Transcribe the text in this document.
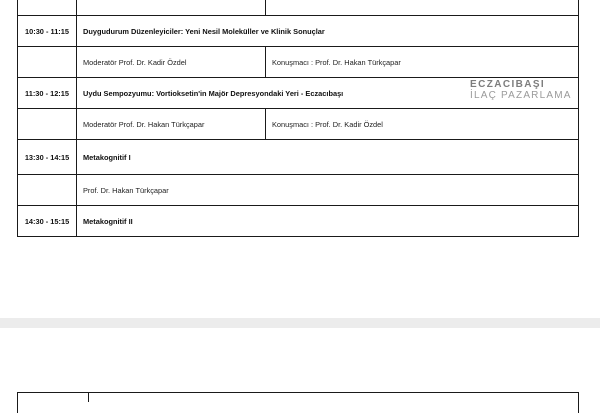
10:30 - 11:15	Duygudurum Düzenleyiciler: Yeni Nesil Moleküller ve Klinik Sonuçlar	
	Moderatör Prof. Dr. Kadir Özdel	Konuşmacı : Prof. Dr. Hakan Türkçapar
11:30 - 12:15	Uydu Sempozyumu: Vortioksetin'in Majör Depresyondaki Yeri - Eczacıbaşı	
	Moderatör Prof. Dr. Hakan Türkçapar	Konuşmacı : Prof. Dr. Kadir Özdel
13:30 - 14:15	Metakognitif I	
	Prof. Dr. Hakan Türkçapar	
14:30 - 15:15	Metakognitif II	
ECZACIBAŞI
İLAÇ PAZARLAMA
